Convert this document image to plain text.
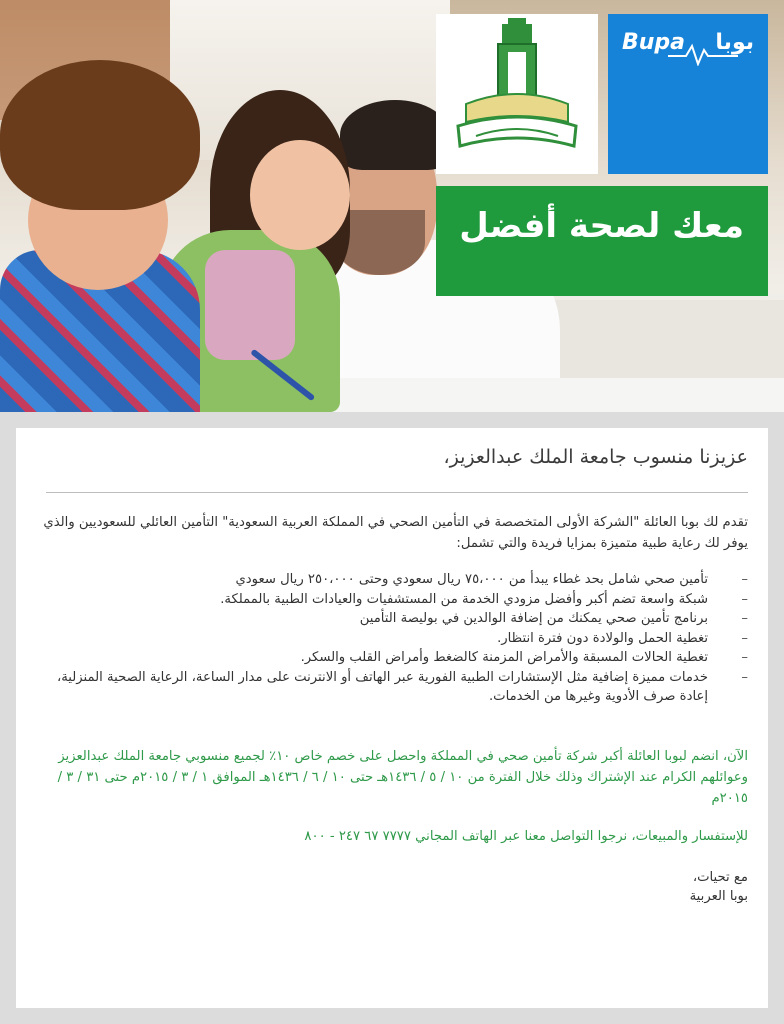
Bupa بوبا
معك لصحة أفضل
عزيزنا منسوب جامعة الملك عبدالعزيز،
تقدم لك بوبا العائلة "الشركة الأولى المتخصصة في التأمين الصحي في المملكة العربية السعودية" التأمين العائلي للسعوديين والذي يوفر لك رعاية طبية متميزة بمزايا فريدة والتي تشمل:
– تأمين صحي شامل بحد غطاء يبدأ من ٧٥،٠٠٠ ريال سعودي وحتى ٢٥٠،٠٠٠ ريال سعودي
– شبكة واسعة تضم أكبر وأفضل مزودي الخدمة من المستشفيات والعيادات الطبية بالمملكة.
– برنامج تأمين صحي يمكنك من إضافة الوالدين في بوليصة التأمين
– تغطية الحمل والولادة دون فترة انتظار.
– تغطية الحالات المسبقة والأمراض المزمنة كالضغط وأمراض القلب والسكر.
– خدمات مميزة إضافية مثل الإستشارات الطبية الفورية عبر الهاتف أو الانترنت على مدار الساعة، الرعاية الصحية المنزلية، إعادة صرف الأدوية وغيرها من الخدمات.
الآن، انضم لبوبا العائلة أكبر شركة تأمين صحي في المملكة واحصل على خصم خاص ١٠٪ لجميع منسوبي جامعة الملك عبدالعزيز وعوائلهم الكرام عند الإشتراك وذلك خلال الفترة من ١٠ / ٥ / ١٤٣٦هـ حتى ١٠ / ٦ / ١٤٣٦هـ الموافق ١ / ٣ / ٢٠١٥م حتى ٣١ / ٣ / ٢٠١٥م
للإستفسار والمبيعات، نرجوا التواصل معنا عبر الهاتف المجاني ٧٧٧٧ ٦٧ ٢٤٧ - ٨٠٠
مع تحيات،
بوبا العربية
